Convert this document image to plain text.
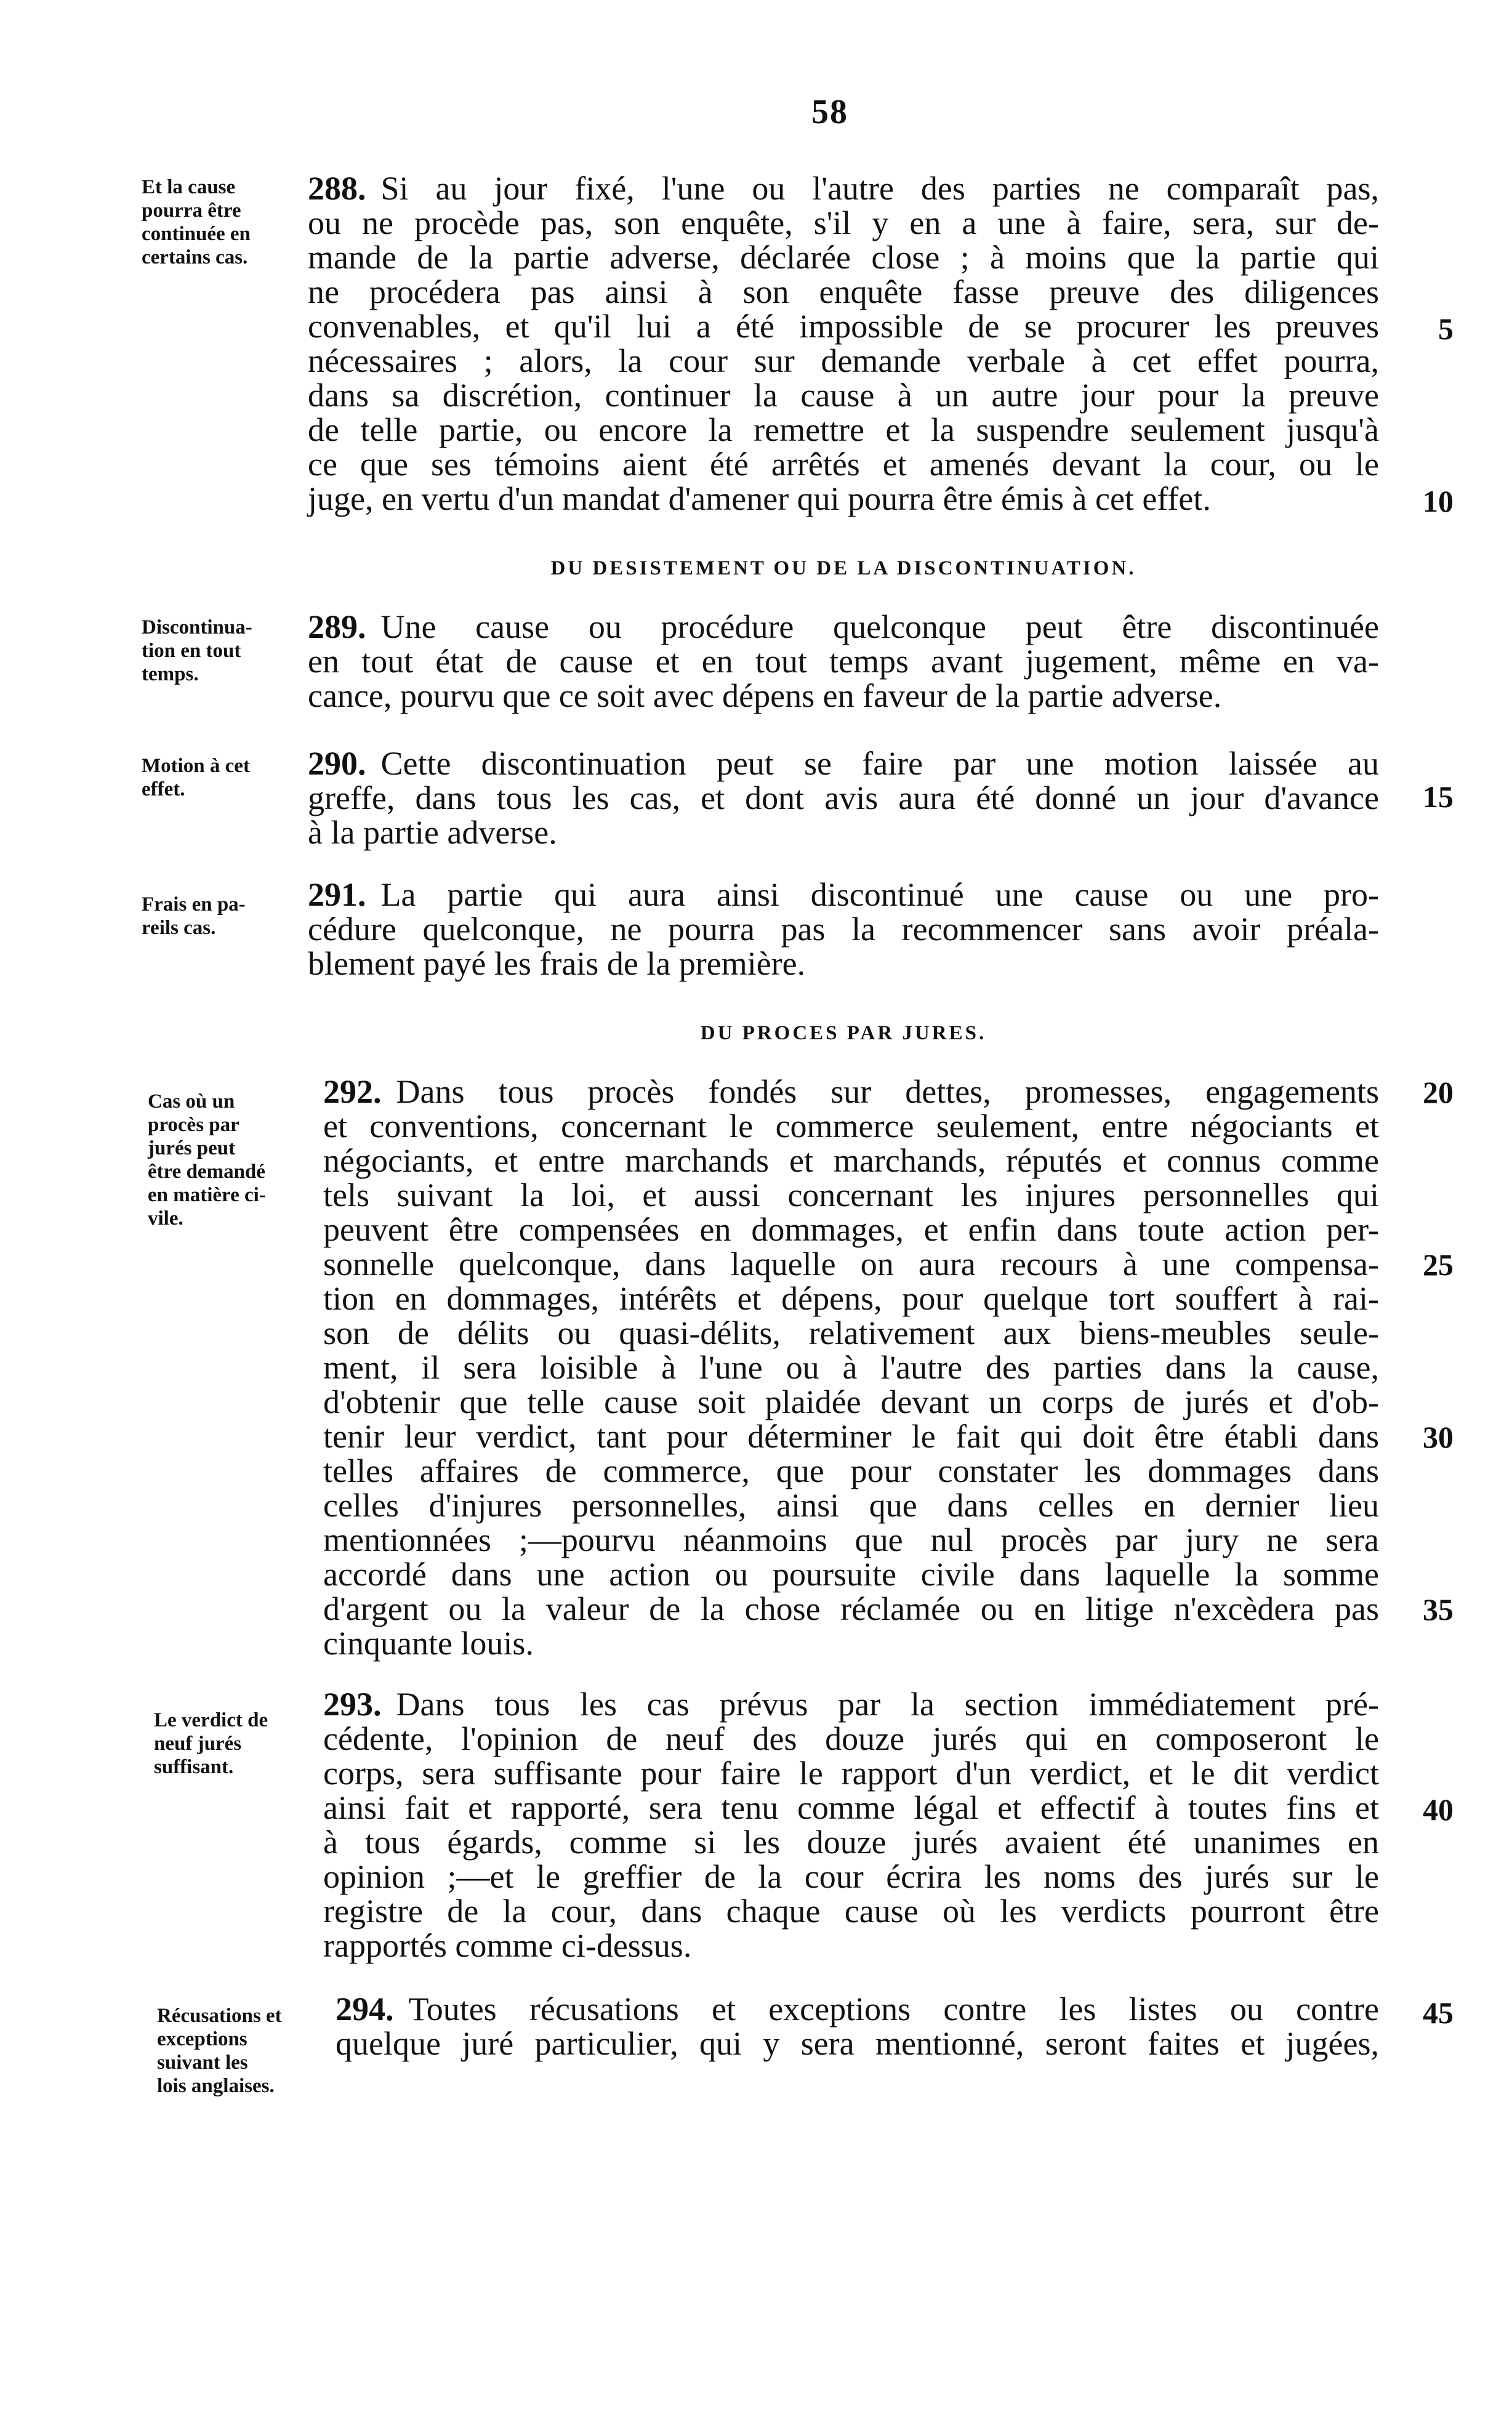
58
Et la cause
pourra être
continuée en
certains cas.
288. Si au jour fixé, l'une ou l'autre des parties ne comparaît pas,
ou ne procède pas, son enquête, s'il y en a une à faire, sera, sur de-
mande de la partie adverse, déclarée close ; à moins que la partie qui
ne procédera pas ainsi à son enquête fasse preuve des diligences
convenables, et qu'il lui a été impossible de se procurer les preuves
nécessaires ; alors, la cour sur demande verbale à cet effet pourra,
dans sa discrétion, continuer la cause à un autre jour pour la preuve
de telle partie, ou encore la remettre et la suspendre seulement jusqu'à
ce que ses témoins aient été arrêtés et amenés devant la cour, ou le
juge, en vertu d'un mandat d'amener qui pourra être émis à cet effet.
DU DESISTEMENT OU DE LA DISCONTINUATION.
Discontinua-
tion en tout
temps.
289. Une cause ou procédure quelconque peut être discontinuée
en tout état de cause et en tout temps avant jugement, même en va-
cance, pourvu que ce soit avec dépens en faveur de la partie adverse.
Motion à cet
effet.
290. Cette discontinuation peut se faire par une motion laissée au
greffe, dans tous les cas, et dont avis aura été donné un jour d'avance
à la partie adverse.
Frais en pa-
reils cas.
291. La partie qui aura ainsi discontinué une cause ou une pro-
cédure quelconque, ne pourra pas la recommencer sans avoir préala-
blement payé les frais de la première.
DU PROCES PAR JURES.
Cas où un
procès par
jurés peut
être demandé
en matière ci-
vile.
292. Dans tous procès fondés sur dettes, promesses, engagements
et conventions, concernant le commerce seulement, entre négociants et
négociants, et entre marchands et marchands, réputés et connus comme
tels suivant la loi, et aussi concernant les injures personnelles qui
peuvent être compensées en dommages, et enfin dans toute action per-
sonnelle quelconque, dans laquelle on aura recours à une compensa-
tion en dommages, intérêts et dépens, pour quelque tort souffert à rai-
son de délits ou quasi-délits, relativement aux biens-meubles seule-
ment, il sera loisible à l'une ou à l'autre des parties dans la cause,
d'obtenir que telle cause soit plaidée devant un corps de jurés et d'ob-
tenir leur verdict, tant pour déterminer le fait qui doit être établi dans
telles affaires de commerce, que pour constater les dommages dans
celles d'injures personnelles, ainsi que dans celles en dernier lieu
mentionnées ;—pourvu néanmoins que nul procès par jury ne sera
accordé dans une action ou poursuite civile dans laquelle la somme
d'argent ou la valeur de la chose réclamée ou en litige n'excèdera pas
cinquante louis.
Le verdict de
neuf jurés
suffisant.
293. Dans tous les cas prévus par la section immédiatement pré-
cédente, l'opinion de neuf des douze jurés qui en composeront le
corps, sera suffisante pour faire le rapport d'un verdict, et le dit verdict
ainsi fait et rapporté, sera tenu comme légal et effectif à toutes fins et
à tous égards, comme si les douze jurés avaient été unanimes en
opinion ;—et le greffier de la cour écrira les noms des jurés sur le
registre de la cour, dans chaque cause où les verdicts pourront être
rapportés comme ci-dessus.
Récusations et
exceptions
suivant les
lois anglaises.
294. Toutes récusations et exceptions contre les listes ou contre
quelque juré particulier, qui y sera mentionné, seront faites et jugées,
5
10
15
20
25
30
35
40
45
